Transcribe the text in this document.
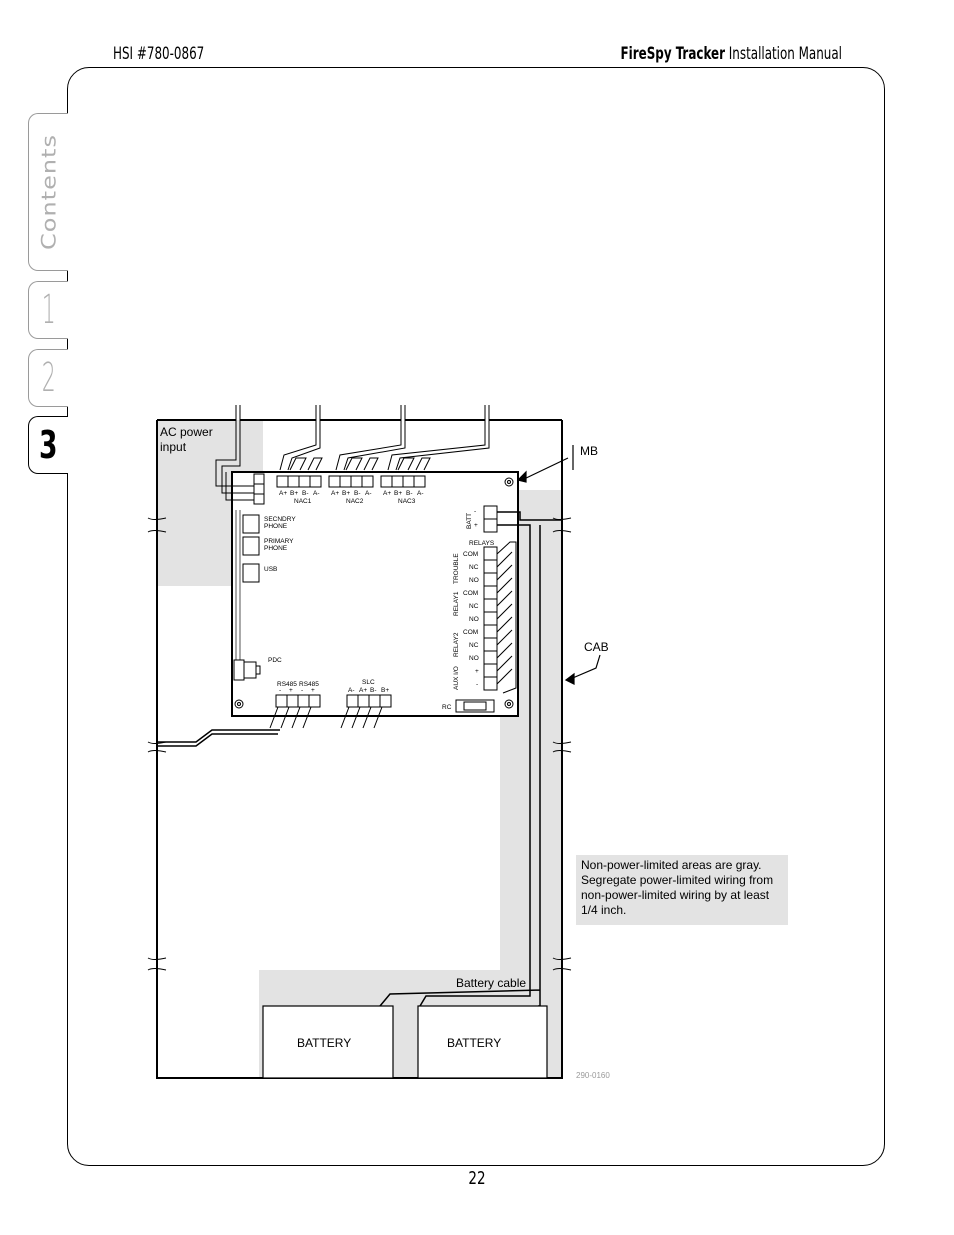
HSI #780-0867	FireSpy Tracker Installation Manual
Contents
1
2
3
A+ B+ B- A- A+ B+ B- A- A+ B+ B- A-
NAC1	NAC2	NAC3
SECNDRY
PHONE
PRIMARY
PHONE
USB
PDC
RS485 RS485
- + - +
SLC
A- A+ B- B+
RC
RELAYS
-
+
BATT
TROUBLE
RELAY1
RELAY2
AUX I/O
COM
NC
NO
COM
NC
NO
COM
NC
NO
+
-
AC power
input	MB
CAB
Non-power-limited areas are gray.
Segregate power-limited wiring from
non-power-limited wiring by at least
1/4 inch.
Battery cable
BATTERY	BATTERY
290-0160
22
